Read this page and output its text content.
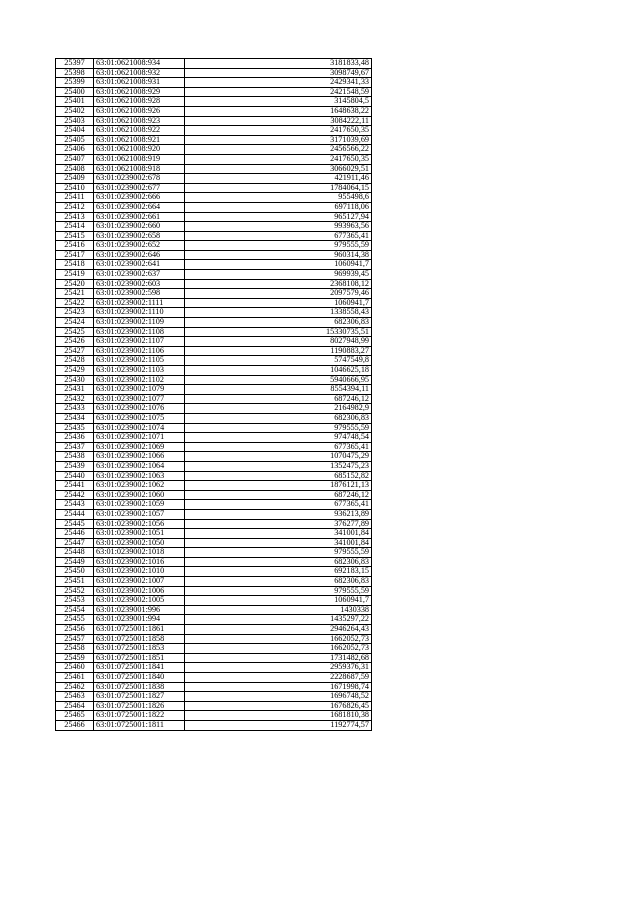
25397	63:01:0621008:934	3181833,48
25398	63:01:0621008:932	3098749,67
25399	63:01:0621008:931	2429341,33
25400	63:01:0621008:929	2421548,59
25401	63:01:0621008:928	3145804,5
25402	63:01:0621008:926	1648638,22
25403	63:01:0621008:923	3084222,11
25404	63:01:0621008:922	2417650,35
25405	63:01:0621008:921	3171039,69
25406	63:01:0621008:920	2456566,22
25407	63:01:0621008:919	2417650,35
25408	63:01:0621008:918	3066029,51
25409	63:01:0239002:678	421911,46
25410	63:01:0239002:677	1784064,15
25411	63:01:0239002:666	955498,6
25412	63:01:0239002:664	697118,06
25413	63:01:0239002:661	965127,94
25414	63:01:0239002:660	993963,56
25415	63:01:0239002:658	677365,41
25416	63:01:0239002:652	979555,59
25417	63:01:0239002:646	960314,38
25418	63:01:0239002:641	1060941,7
25419	63:01:0239002:637	969939,45
25420	63:01:0239002:603	2368108,12
25421	63:01:0239002:598	2097579,46
25422	63:01:0239002:1111	1060941,7
25423	63:01:0239002:1110	1338558,43
25424	63:01:0239002:1109	682306,83
25425	63:01:0239002:1108	15330735,51
25426	63:01:0239002:1107	8027948,99
25427	63:01:0239002:1106	1190883,27
25428	63:01:0239002:1105	5747549,8
25429	63:01:0239002:1103	1046625,18
25430	63:01:0239002:1102	5940666,95
25431	63:01:0239002:1079	8554394,11
25432	63:01:0239002:1077	687246,12
25433	63:01:0239002:1076	2164982,9
25434	63:01:0239002:1075	682306,83
25435	63:01:0239002:1074	979555,59
25436	63:01:0239002:1071	974748,54
25437	63:01:0239002:1069	677365,41
25438	63:01:0239002:1066	1070475,29
25439	63:01:0239002:1064	1352475,23
25440	63:01:0239002:1063	685152,82
25441	63:01:0239002:1062	1876121,13
25442	63:01:0239002:1060	687246,12
25443	63:01:0239002:1059	677365,41
25444	63:01:0239002:1057	936213,89
25445	63:01:0239002:1056	376277,89
25446	63:01:0239002:1051	341001,84
25447	63:01:0239002:1050	341001,84
25448	63:01:0239002:1018	979555,59
25449	63:01:0239002:1016	682306,83
25450	63:01:0239002:1010	692183,15
25451	63:01:0239002:1007	682306,83
25452	63:01:0239002:1006	979555,59
25453	63:01:0239002:1005	1060941,7
25454	63:01:0239001:996	1430338
25455	63:01:0239001:994	1435297,22
25456	63:01:0725001:1861	2946264,43
25457	63:01:0725001:1858	1662052,73
25458	63:01:0725001:1853	1662052,73
25459	63:01:0725001:1851	1731482,68
25460	63:01:0725001:1841	2959376,31
25461	63:01:0725001:1840	2228687,59
25462	63:01:0725001:1838	1671998,74
25463	63:01:0725001:1827	1696748,52
25464	63:01:0725001:1826	1676826,45
25465	63:01:0725001:1822	1681810,38
25466	63:01:0725001:1811	1192774,57
